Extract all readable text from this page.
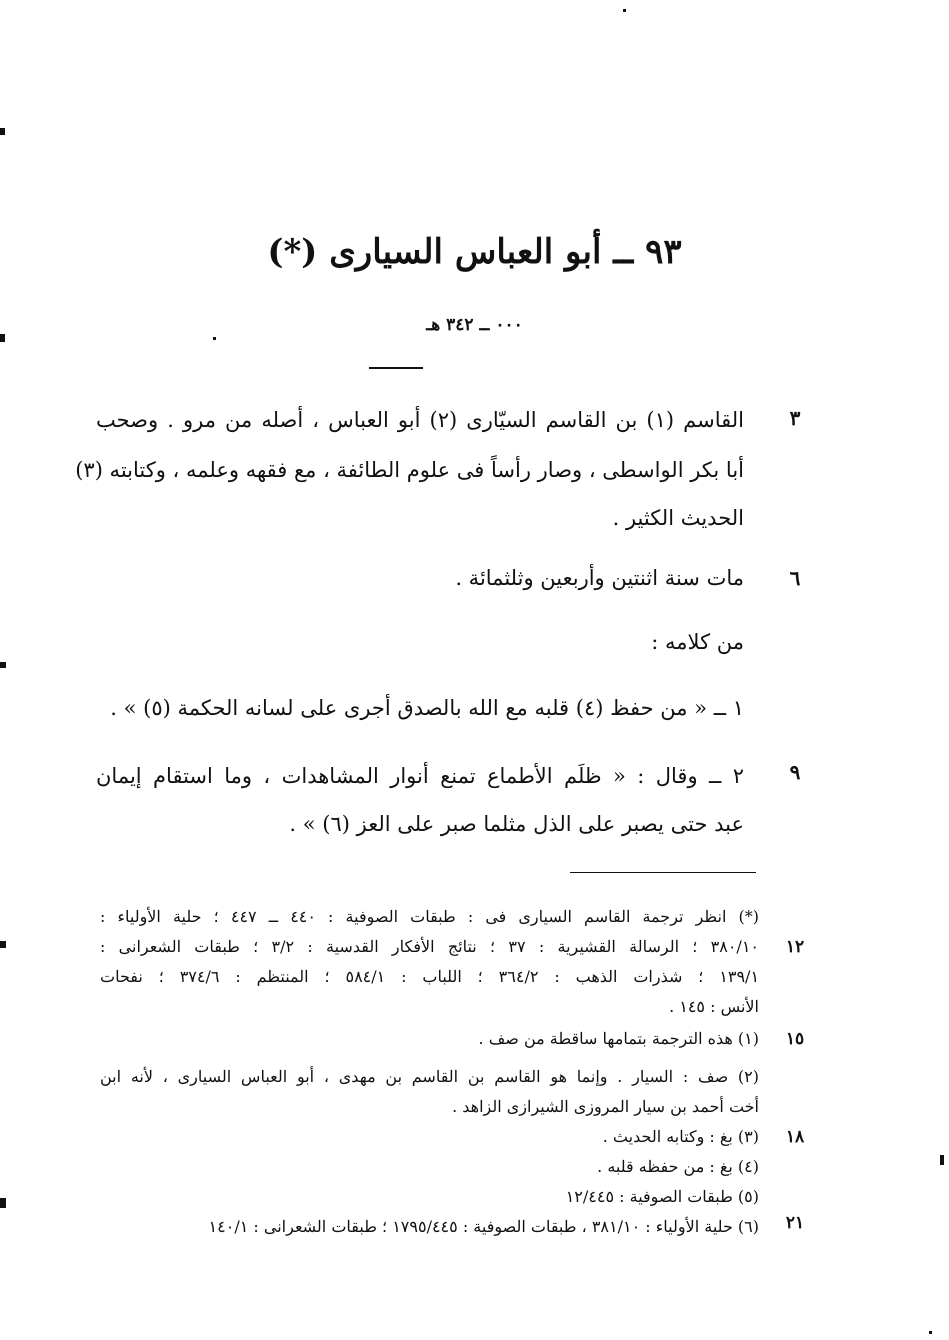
٩٣ ــ أبو العباس السيارى (*)
٠٠٠ ــ ٣٤٢ هـ
القاسم (١) بن القاسم السيّارى (٢) أبو العباس ، أصله من مرو . وصحب
أبا بكر الواسطى ، وصار رأساً فى علوم الطائفة ، مع فقهه وعلمه ، وكتابته (٣)
الحديث الكثير .
مات سنة اثنتين وأربعين وثلثمائة .
من كلامه :
١ ــ « من حفظ (٤) قلبه مع الله بالصدق أجرى على لسانه الحكمة (٥) » .
٢ ــ وقال : « ظلَم الأطماع تمنع أنوار المشاهدات ، وما استقام إيمان
عبد حتى يصبر على الذل مثلما صبر على العز (٦) » .
٣
٦
٩
(*) انظر ترجمة القاسم السيارى فى : طبقات الصوفية : ٤٤٠ ــ ٤٤٧ ؛ حلية الأولياء :
٣٨٠/١٠ ؛ الرسالة القشيرية : ٣٧ ؛ نتائج الأفكار القدسية : ٣/٢ ؛ طبقات الشعرانى :
١٣٩/١ ؛ شذرات الذهب : ٣٦٤/٢ ؛ اللباب : ٥٨٤/١ ؛ المنتظم : ٣٧٤/٦ ؛ نفحات
الأنس : ١٤٥ .
(١) هذه الترجمة بتمامها ساقطة من صف .
(٢) صف : السيار . وإنما هو القاسم بن القاسم بن مهدى ، أبو العباس السيارى ، لأنه ابن
أخت أحمد بن سيار المروزى الشيرازى الزاهد .
(٣) بغ : وكتابه الحديث .
(٤) بغ : من حفظه قلبه .
(٥) طبقات الصوفية : ١٢/٤٤٥
(٦) حلية الأولياء : ٣٨١/١٠ ، طبقات الصوفية : ١٧٩٥/٤٤٥ ؛ طبقات الشعرانى : ١٤٠/١
١٢
١٥
١٨
٢١
